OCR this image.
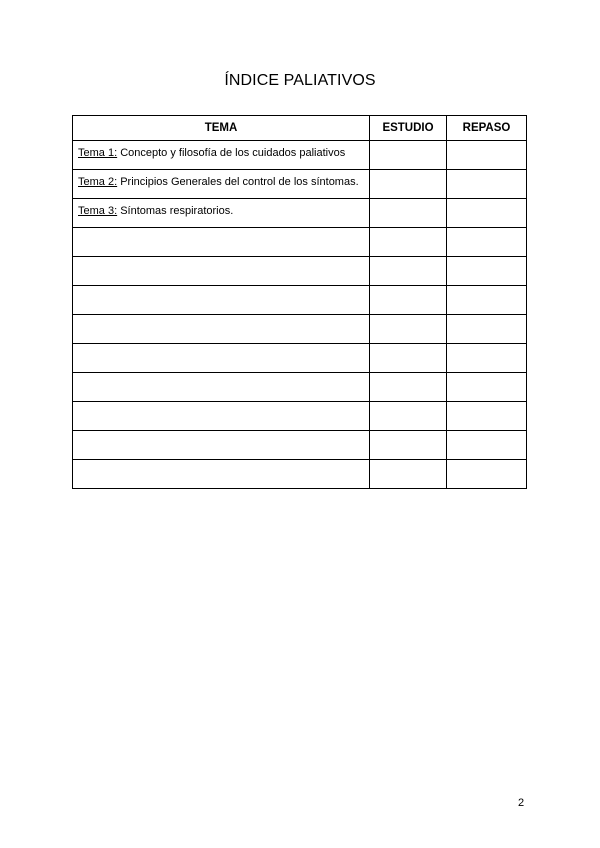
ÍNDICE PALIATIVOS
TEMA	ESTUDIO	REPASO
Tema 1: Concepto y filosofía de los cuidados paliativos		
Tema 2: Principios Generales del control de los síntomas.		
Tema 3: Síntomas respiratorios.		

2
